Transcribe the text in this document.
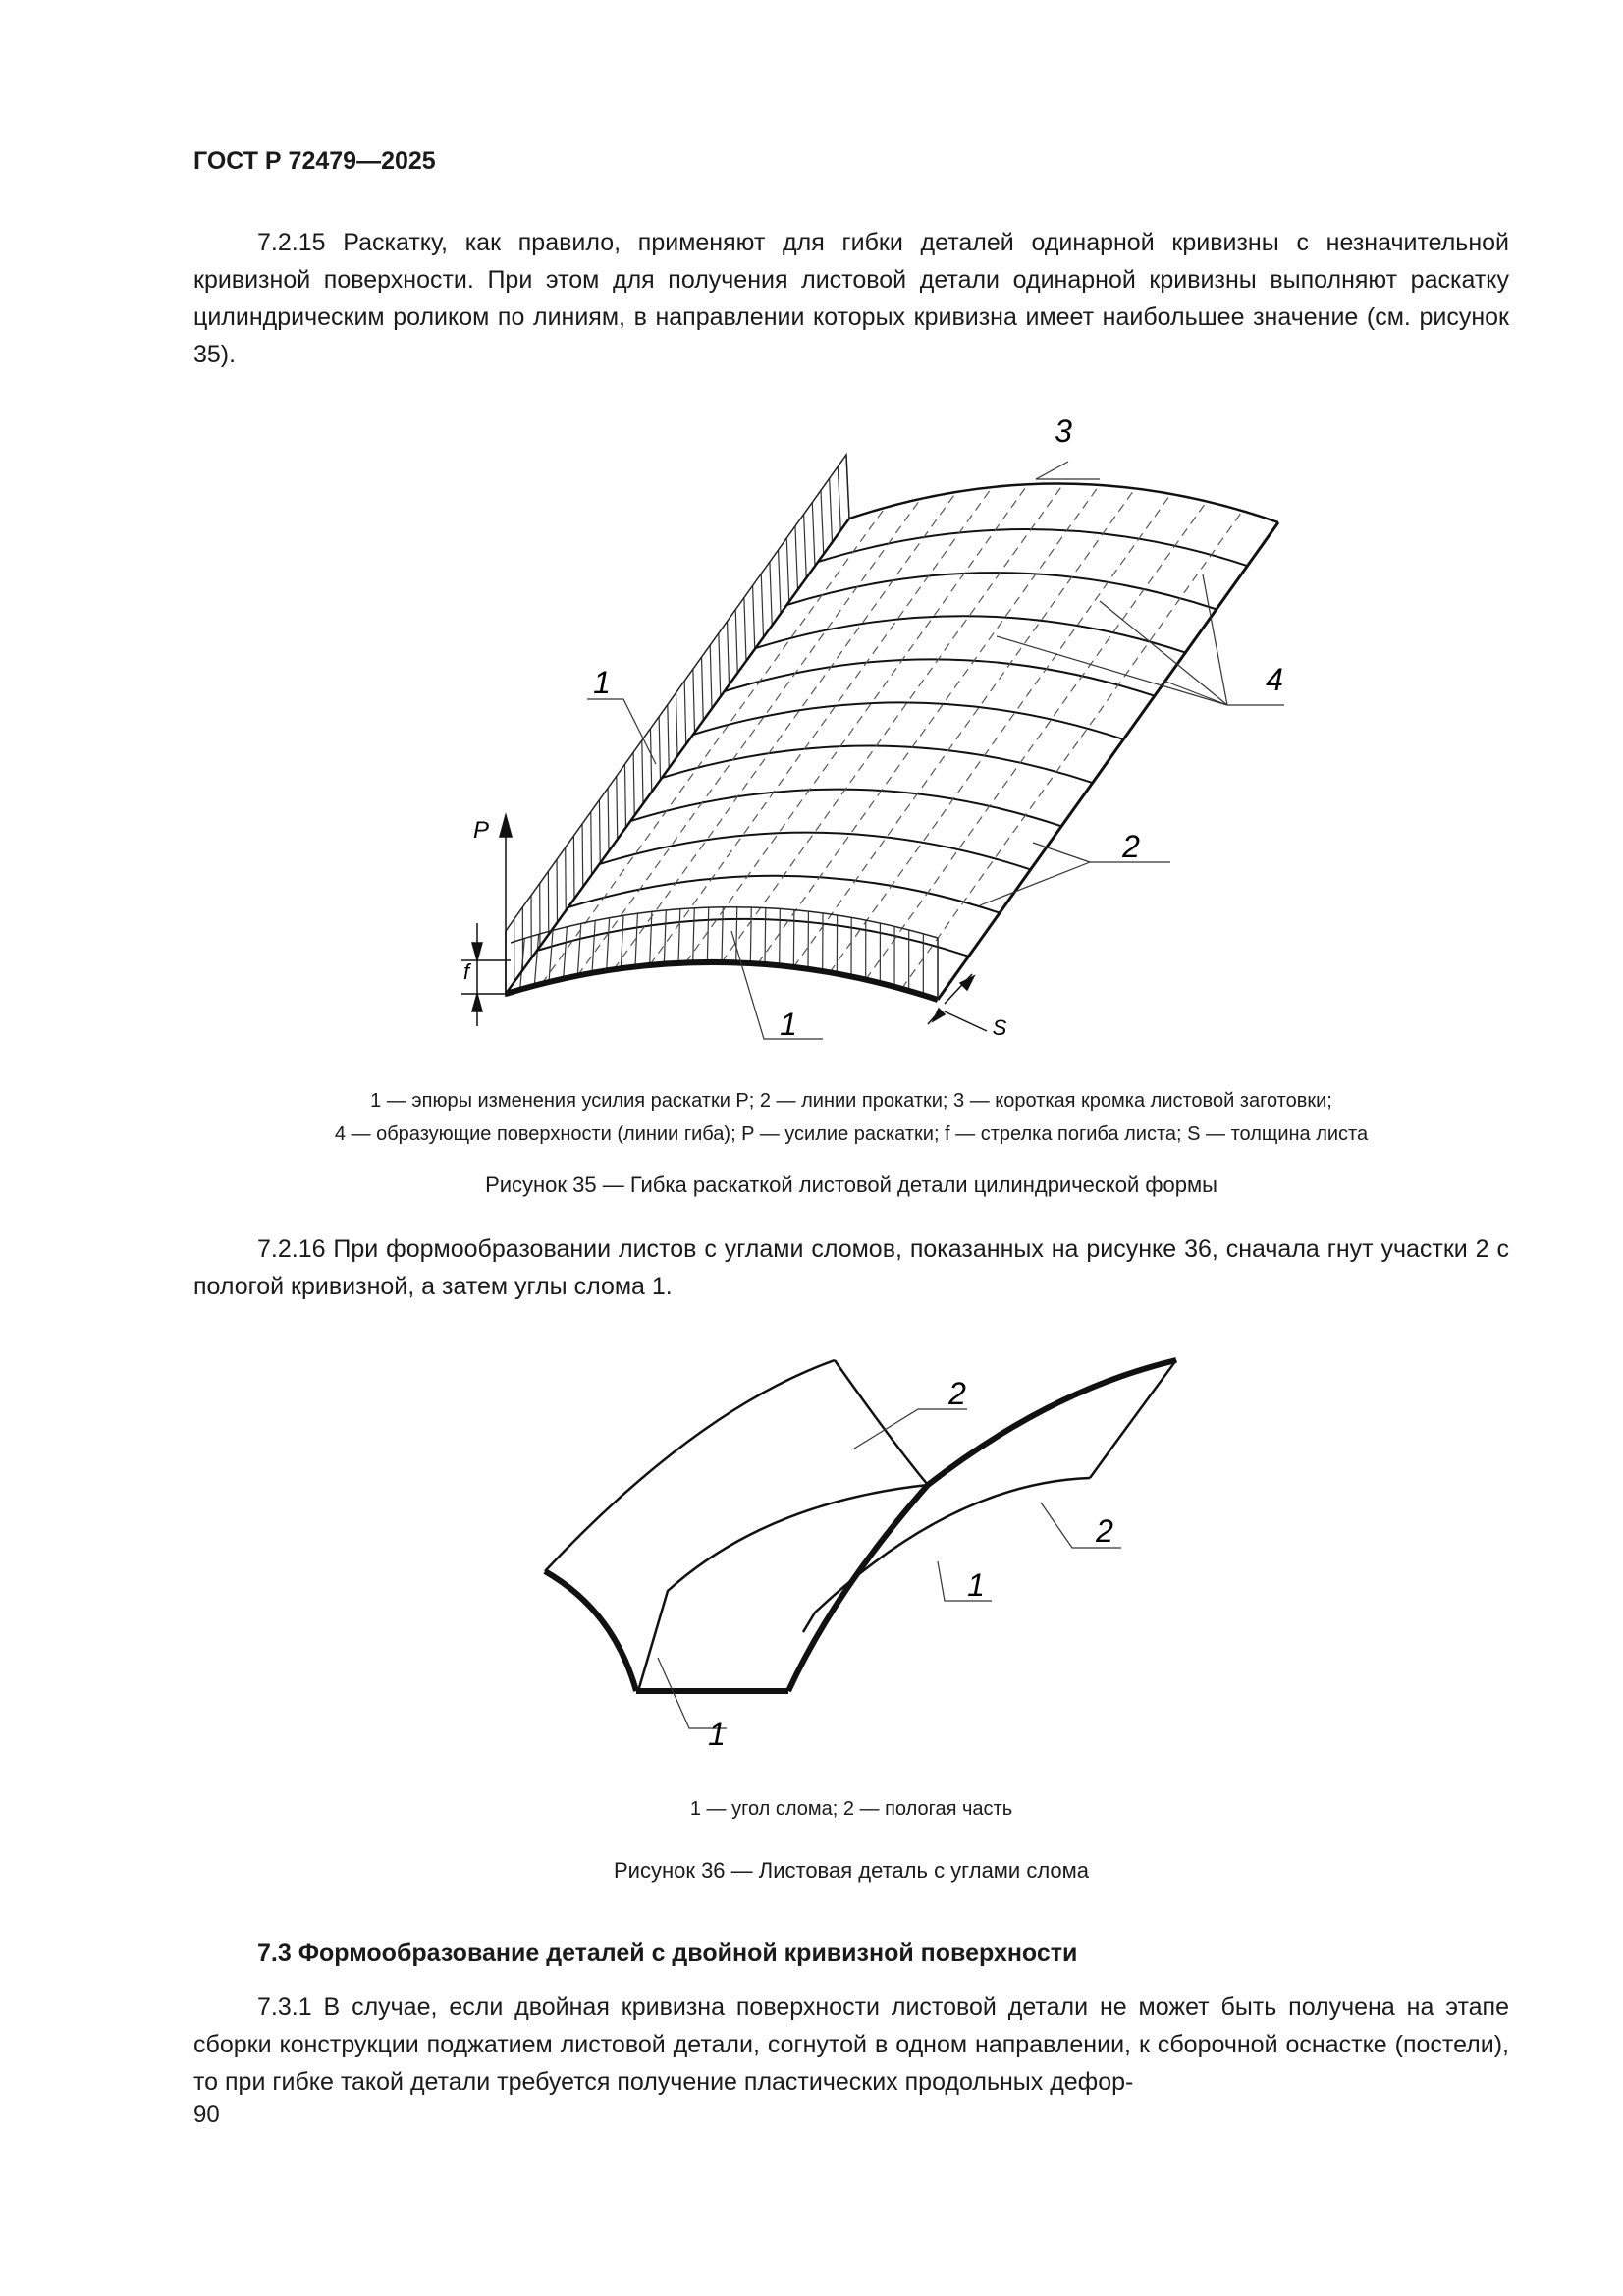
ГОСТ Р 72479—2025
7.2.15 Раскатку, как правило, применяют для гибки деталей одинарной кривизны с незначительной кривизной поверхности. При этом для получения листовой детали одинарной кривизны выполняют раскатку цилиндрическим роликом по линиям, в направлении которых кривизна имеет наибольшее значение (см. рисунок 35).
3
1	4
2
1
P
f
S
1 — эпюры изменения усилия раскатки P; 2 — линии прокатки; 3 — короткая кромка листовой заготовки;
4 — образующие поверхности (линии гиба); P — усилие раскатки; f — стрелка погиба листа; S — толщина листа
Рисунок 35 — Гибка раскаткой листовой детали цилиндрической формы
7.2.16 При формообразовании листов с углами сломов, показанных на рисунке 36, сначала гнут участки 2 с пологой кривизной, а затем углы слома 1.
2
2
1
1
1 — угол слома; 2 — пологая часть
Рисунок 36 — Листовая деталь с углами слома
7.3 Формообразование деталей с двойной кривизной поверхности
7.3.1 В случае, если двойная кривизна поверхности листовой детали не может быть получена на этапе сборки конструкции поджатием листовой детали, согнутой в одном направлении, к сборочной оснастке (постели), то при гибке такой детали требуется получение пластических продольных дефор-
90
